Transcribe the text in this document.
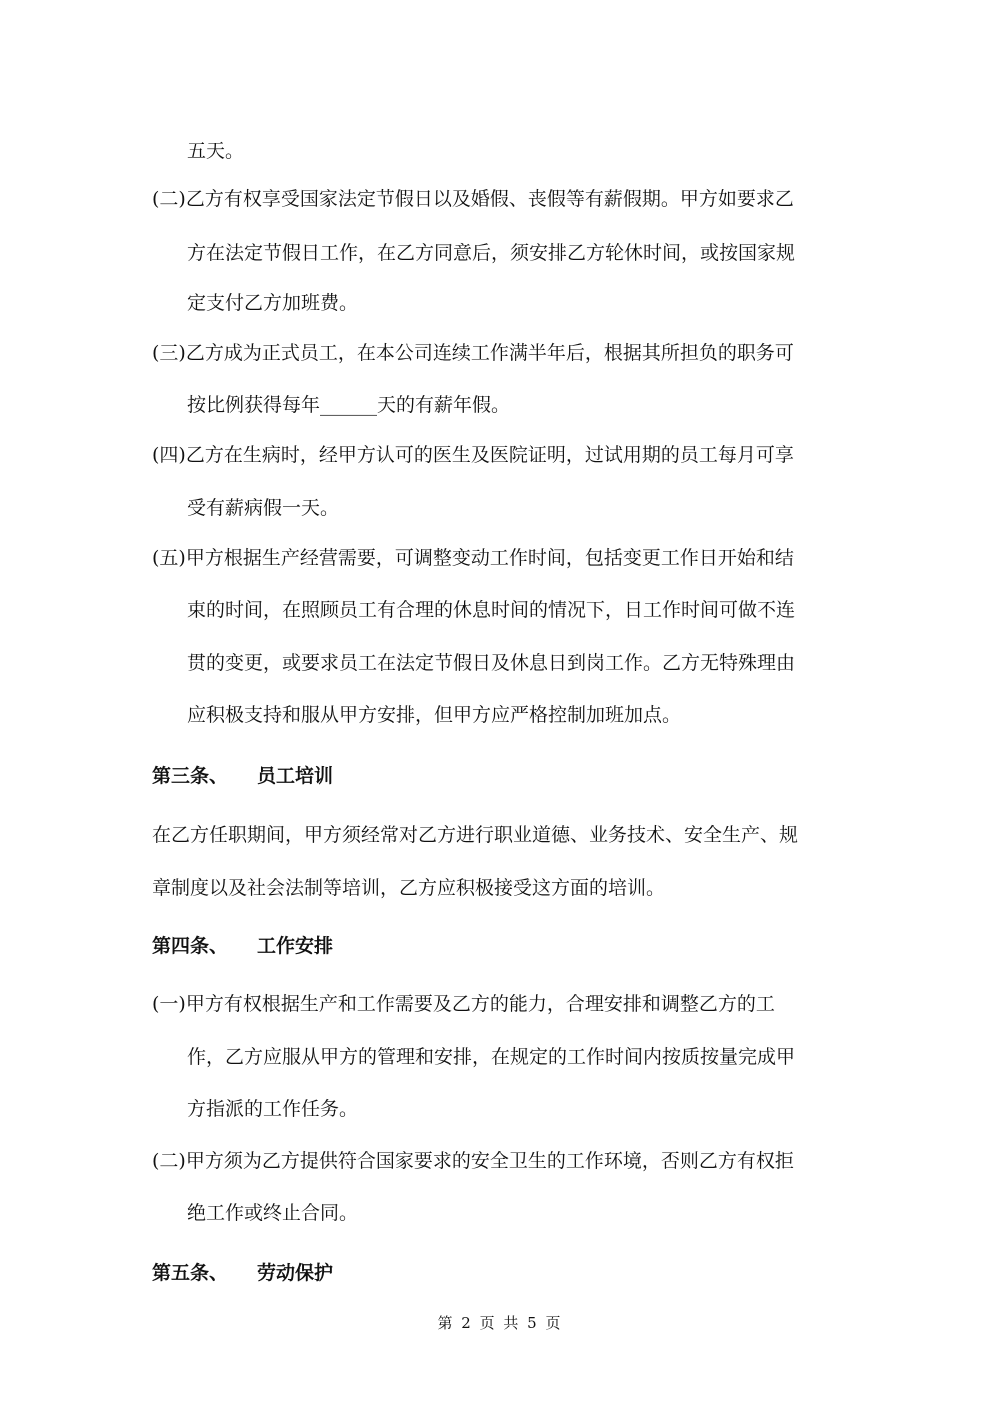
五天。
(二)乙方有权享受国家法定节假日以及婚假、丧假等有薪假期。甲方如要求乙
方在法定节假日工作，在乙方同意后，须安排乙方轮休时间，或按国家规
定支付乙方加班费。
(三)乙方成为正式员工，在本公司连续工作满半年后，根据其所担负的职务可
按比例获得每年______天的有薪年假。
(四)乙方在生病时，经甲方认可的医生及医院证明，过试用期的员工每月可享
受有薪病假一天。
(五)甲方根据生产经营需要，可调整变动工作时间，包括变更工作日开始和结
束的时间，在照顾员工有合理的休息时间的情况下，日工作时间可做不连
贯的变更，或要求员工在法定节假日及休息日到岗工作。乙方无特殊理由
应积极支持和服从甲方安排，但甲方应严格控制加班加点。
第三条、 员工培训
在乙方任职期间，甲方须经常对乙方进行职业道德、业务技术、安全生产、规
章制度以及社会法制等培训，乙方应积极接受这方面的培训。
第四条、 工作安排
(一)甲方有权根据生产和工作需要及乙方的能力，合理安排和调整乙方的工
作，乙方应服从甲方的管理和安排，在规定的工作时间内按质按量完成甲
方指派的工作任务。
(二)甲方须为乙方提供符合国家要求的安全卫生的工作环境，否则乙方有权拒
绝工作或终止合同。
第五条、 劳动保护
第 2 页 共 5 页
